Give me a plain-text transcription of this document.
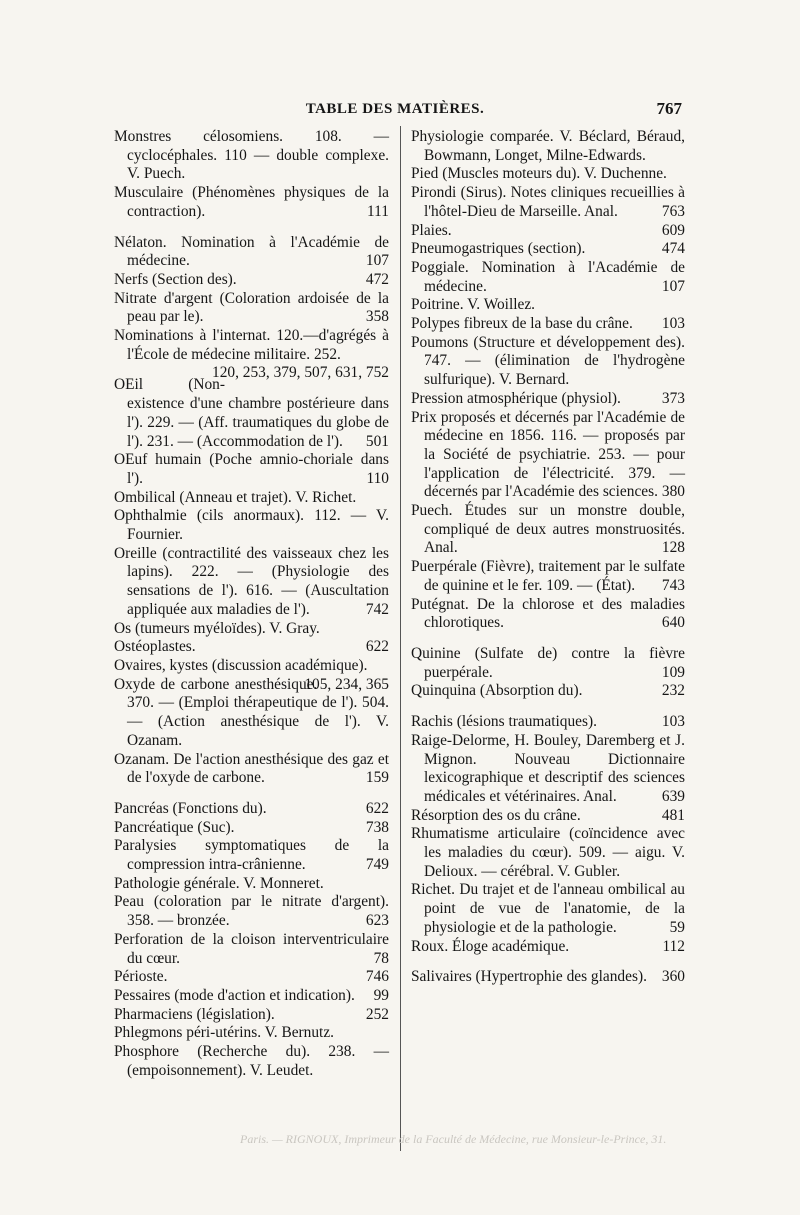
TABLE DES MATIÈRES.	767

Monstres célosomiens. 108. — cyclocéphales. 110 — double complexe. V. Puech.

Musculaire (Phénomènes physiques de la contraction).	111

Nélaton. Nomination à l'Académie de médecine.	107

Nerfs (Section des).	472

Nitrate d'argent (Coloration ardoisée de la peau par le).	358

Nominations à l'internat. 120.—d'agrégés à l'École de médecine militaire. 252.
120, 253, 379, 507, 631, 752

OEil (Non-existence d'une chambre postérieure dans l'). 229. — (Aff. traumatiques du globe de l'). 231. — (Accommodation de l'). 501

OEuf humain (Poche amnio-choriale dans l').	110

Ombilical (Anneau et trajet). V. Richet.

Ophthalmie (cils anormaux). 112. — V. Fournier.

Oreille (contractilité des vaisseaux chez les lapins). 222. — (Physiologie des sensations de l'). 616. — (Auscultation appliquée aux maladies de l').	742

Os (tumeurs myéloïdes). V. Gray.

Ostéoplastes.	622

Ovaires, kystes (discussion académique).
105, 234, 365

Oxyde de carbone anesthésique. 370. — (Emploi thérapeutique de l'). 504. — (Action anesthésique de l'). V. Ozanam.

Ozanam. De l'action anesthésique des gaz et de l'oxyde de carbone.	159

Pancréas (Fonctions du).	622

Pancréatique (Suc).	738

Paralysies symptomatiques de la compression intra-crânienne.	749

Pathologie générale. V. Monneret.

Peau (coloration par le nitrate d'argent). 358. — bronzée.	623

Perforation de la cloison interventriculaire du cœur.	78

Périoste.	746

Pessaires (mode d'action et indication). 99

Pharmaciens (législation).	252

Phlegmons péri-utérins. V. Bernutz.

Phosphore (Recherche du). 238. — (empoisonnement). V. Leudet.

Physiologie comparée. V. Béclard, Béraud, Bowmann, Longet, Milne-Edwards.

Pied (Muscles moteurs du). V. Duchenne.

Pirondi (Sirus). Notes cliniques recueillies à l'hôtel-Dieu de Marseille. Anal.	763

Plaies.	609

Pneumogastriques (section).	474

Poggiale. Nomination à l'Académie de médecine.	107

Poitrine. V. Woillez.

Polypes fibreux de la base du crâne. 103

Poumons (Structure et développement des). 747. — (élimination de l'hydrogène sulfurique). V. Bernard.

Pression atmosphérique (physiol).	373

Prix proposés et décernés par l'Académie de médecine en 1856. 116. — proposés par la Société de psychiatrie. 253. — pour l'application de l'électricité. 379. — décernés par l'Académie des sciences. 380

Puech. Études sur un monstre double, compliqué de deux autres monstruosités. Anal.	128

Puerpérale (Fièvre), traitement par le sulfate de quinine et le fer. 109. — (État). 743

Putégnat. De la chlorose et des maladies chlorotiques.	640

Quinine (Sulfate de) contre la fièvre puerpérale.	109

Quinquina (Absorption du).	232

Rachis (lésions traumatiques).	103

Raige-Delorme, H. Bouley, Daremberg et J. Mignon. Nouveau Dictionnaire lexicographique et descriptif des sciences médicales et vétérinaires. Anal.	639

Résorption des os du crâne.	481

Rhumatisme articulaire (coïncidence avec les maladies du cœur). 509. — aigu. V. Delioux. — cérébral. V. Gubler.

Richet. Du trajet et de l'anneau ombilical au point de vue de l'anatomie, de la physiologie et de la pathologie.	59

Roux. Éloge académique.	112

Salivaires (Hypertrophie des glandes). 360

Paris. — RIGNOUX, Imprimeur de la Faculté de Médecine, rue Monsieur-le-Prince, 31.
